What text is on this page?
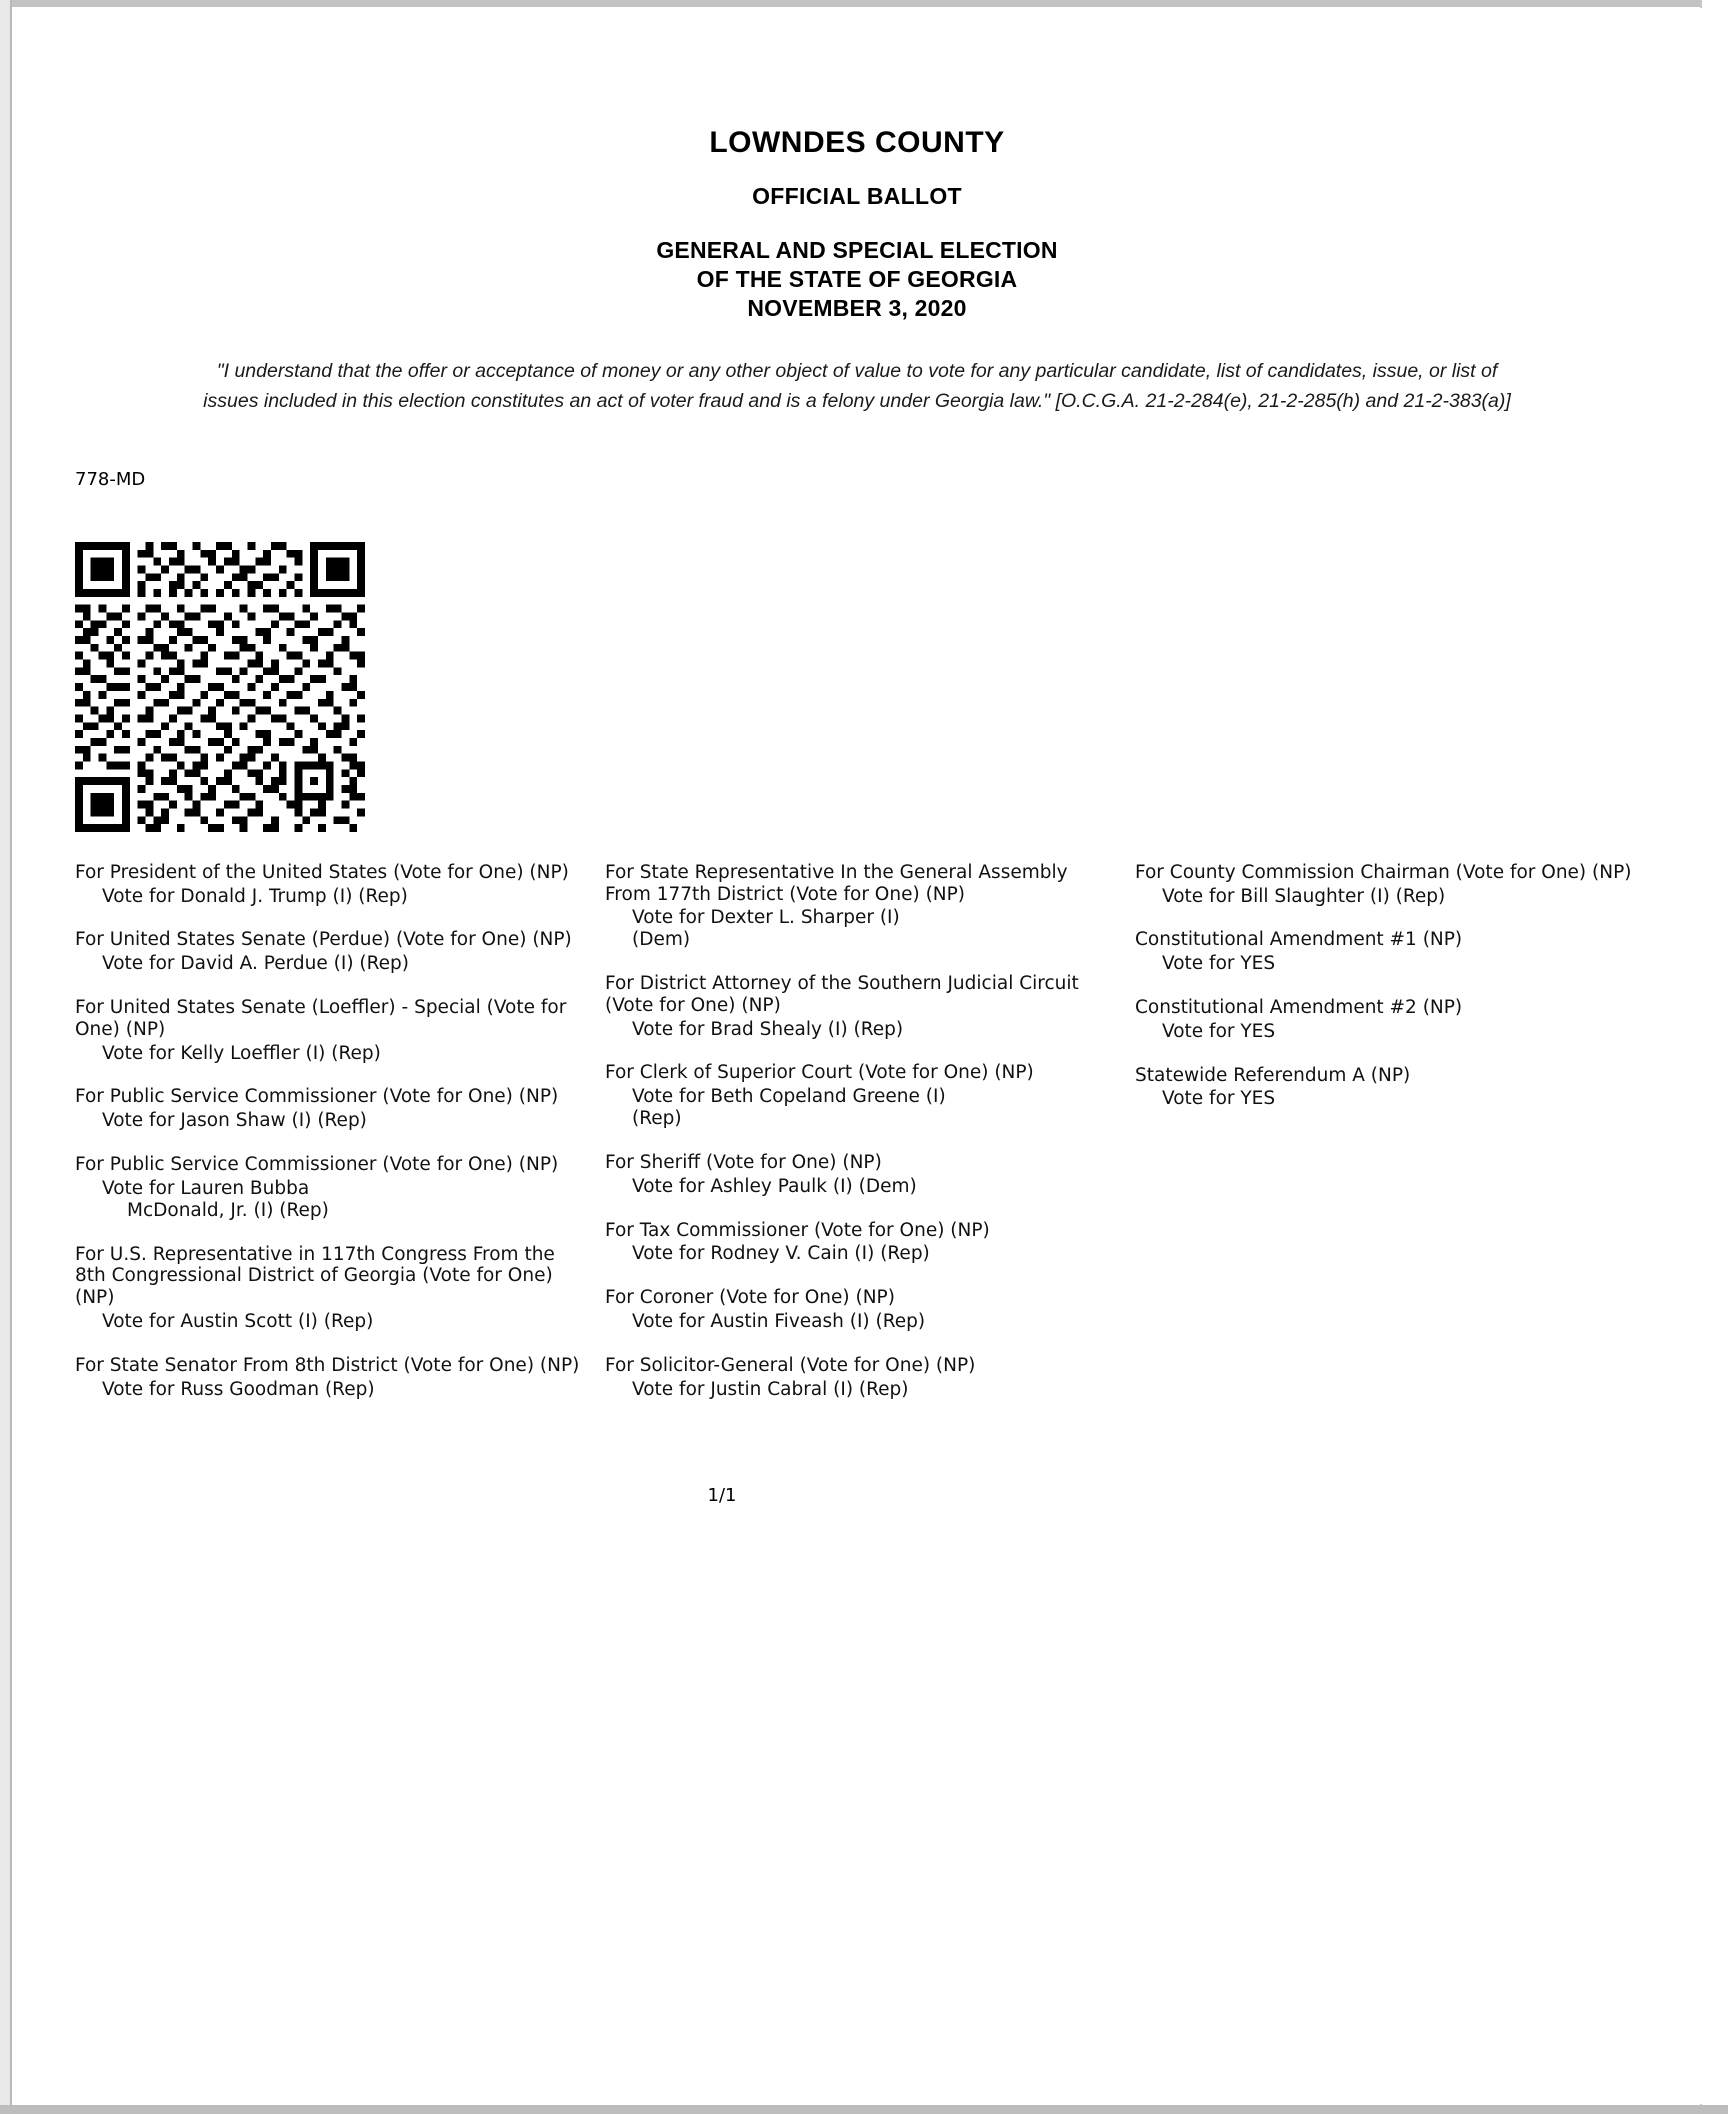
LOWNDES COUNTY
OFFICIAL BALLOT
GENERAL AND SPECIAL ELECTION
OF THE STATE OF GEORGIA
NOVEMBER 3, 2020
"I understand that the offer or acceptance of money or any other object of value to vote for any particular candidate, list of candidates, issue, or list of issues included in this election constitutes an act of voter fraud and is a felony under Georgia law." [O.C.G.A. 21-2-284(e), 21-2-285(h) and 21-2-383(a)]
778-MD
For President of the United States (Vote for One) (NP)
Vote for Donald J. Trump (I) (Rep)
For United States Senate (Perdue) (Vote for One) (NP)
Vote for David A. Perdue (I) (Rep)
For United States Senate (Loeffler) - Special (Vote for One) (NP)
Vote for Kelly Loeffler (I) (Rep)
For Public Service Commissioner (Vote for One) (NP)
Vote for Jason Shaw (I) (Rep)
For Public Service Commissioner (Vote for One) (NP)
Vote for Lauren Bubba
McDonald, Jr. (I) (Rep)
For U.S. Representative in 117th Congress From the 8th Congressional District of Georgia (Vote for One) (NP)
Vote for Austin Scott (I) (Rep)
For State Senator From 8th District (Vote for One) (NP)
Vote for Russ Goodman (Rep)
For State Representative In the General Assembly From 177th District (Vote for One) (NP)
Vote for Dexter L. Sharper (I)
(Dem)
For District Attorney of the Southern Judicial Circuit (Vote for One) (NP)
Vote for Brad Shealy (I) (Rep)
For Clerk of Superior Court (Vote for One) (NP)
Vote for Beth Copeland Greene (I)
(Rep)
For Sheriff (Vote for One) (NP)
Vote for Ashley Paulk (I) (Dem)
For Tax Commissioner (Vote for One) (NP)
Vote for Rodney V. Cain (I) (Rep)
For Coroner (Vote for One) (NP)
Vote for Austin Fiveash (I) (Rep)
For Solicitor-General (Vote for One) (NP)
Vote for Justin Cabral (I) (Rep)
For County Commission Chairman (Vote for One) (NP)
Vote for Bill Slaughter (I) (Rep)
Constitutional Amendment #1 (NP)
Vote for YES
Constitutional Amendment #2 (NP)
Vote for YES
Statewide Referendum A (NP)
Vote for YES
1/1
